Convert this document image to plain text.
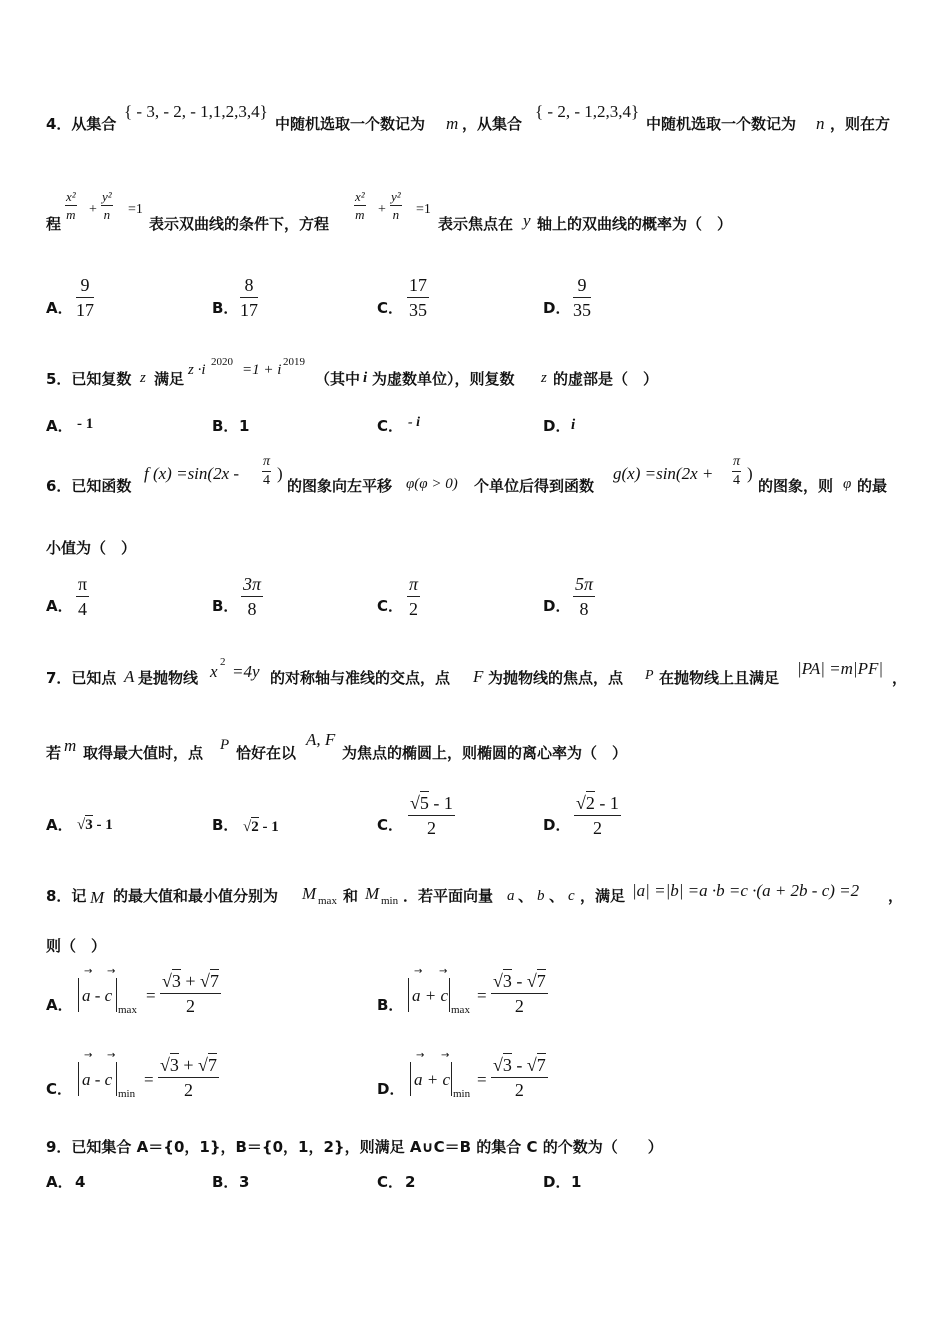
4．从集合
{ - 3, - 2, - 1,1,2,3,4}
中随机选取一个数记为 m ，从集合
{ - 2, - 1,2,3,4}
中随机选取一个数记为 n ，则在方
程
$\frac{\text{x²}}{m} + \frac{\text{y²}}{n} =1$
表示双曲线的条件下，方程
$\frac{\text{x²}}{m} + \frac{\text{y²}}{n} =1$
表示焦点在 y 轴上的双曲线的概率为（　）
A． $\frac{9}{17}$	B． $\frac{8}{17}$	C． $\frac{17}{35}$	D． $\frac{9}{35}$
5．已知复数 z 满足 z ·i 2020 =1 + i 2019
（其中 i 为虚数单位），则复数 z 的虚部是（　）
A． - 1	B． 1	C． - i	D． i
6．已知函数
f $(x) =\sin(2x - \frac{\pi}{4}$ )
的图象向左平移 φ(φ > 0) 个单位后得到函数
$g(x) =\sin(2x + \frac{\pi}{4}$ )
的图象，则 φ 的最
小值为（　）
A． $\frac{\pi}{4}$	B． $\frac{3\pi}{8}$	C． $\frac{\pi}{2}$	D． $\frac{5\pi}{8}$
7．已知点 A 是抛物线 x 2 =4y 的对称轴与准线的交点，点 F 为抛物线的焦点，点 P 在抛物线上且满足 |PA| =m|PF| ，
若 m 取得最大值时，点 P 恰好在以
A, F
为焦点的椭圆上，则椭圆的离心率为（　）
A． √3 - 1	B． √2 - 1	C． $\frac{√5 - 1}{2}$	D． $\frac{√2 - 1}{2}$
8．记 M 的最大值和最小值分别为 M max 和 M min ．若平面向量 a 、 b 、 c ，满足 |a| =|b| =a ·b =c ·(a + 2b - c) =2 ，
则（　）
A．
→ →
a - c
max
= $\frac{√3 + √7}{2}$	B．
→ →
a + c
max
= $\frac{√3 - √7}{2}$
C．
→ →
a - c
min
= $\frac{√3 + √7}{2}$	D．
→ →
a + c
min
= $\frac{√3 - √7}{2}$
9．已知集合 A＝{0，1}，B＝{0，1，2}，则满足 A∪C＝B 的集合 C 的个数为（　　）
A． 4	B． 3	C． 2	D． 1
